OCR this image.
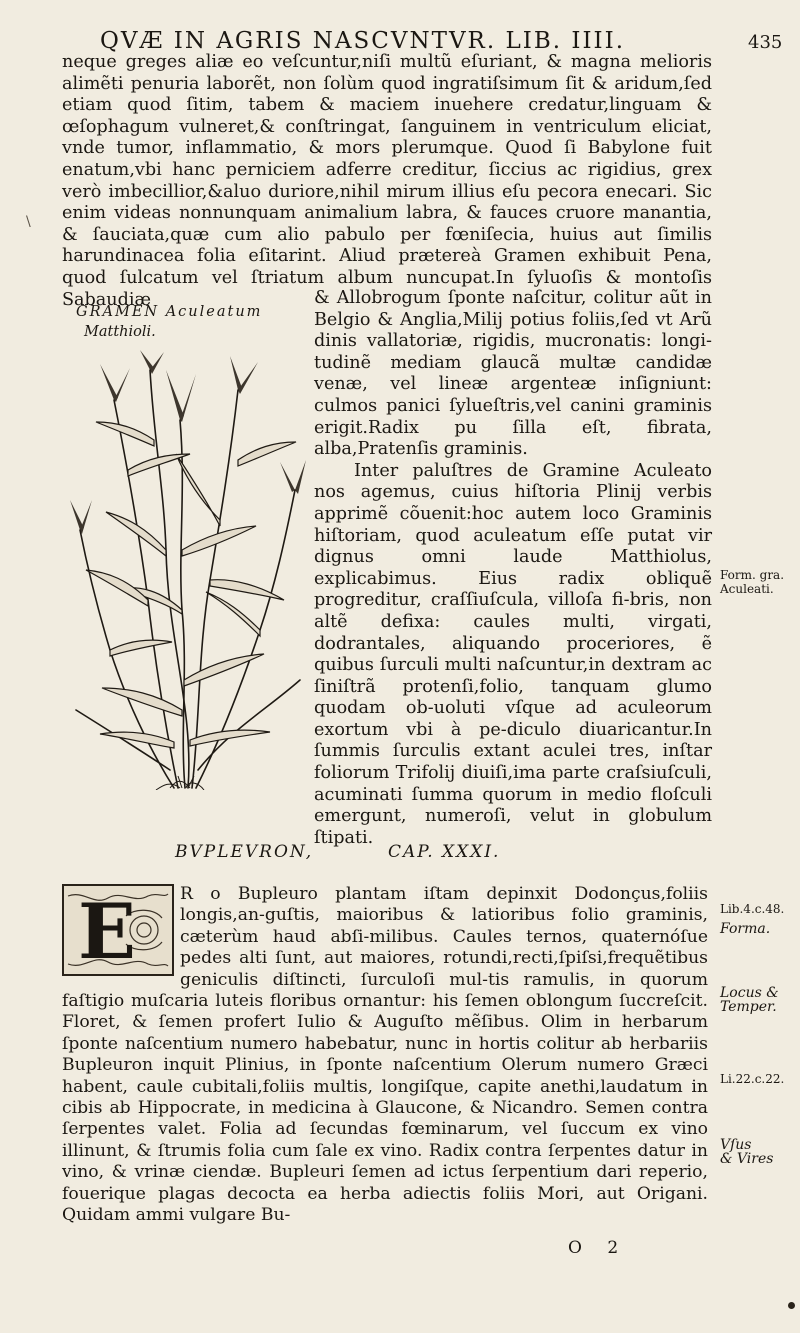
QVÆ IN AGRIS NASCVNTVR. LIB. IIII.	435
\

neque greges aliæ eo veſcuntur,niſi multũ eſuriant, & magna melioris alimẽti penuria laborẽt, non ſolùm quod ingratiſsimum ſit & aridum,ſed etiam quod ſitim, tabem & maciem inuehere credatur,linguam & œſophagum vulneret,& conſtringat, ſanguinem in ventriculum eliciat, vnde tumor, inflammatio, & mors plerumque. Quod ſi Babylone fuit enatum,vbi hanc perniciem adferre creditur, ſiccius ac rigidius, grex verò imbecillior,&aluo duriore,nihil mirum illius eſu pecora enecari. Sic enim videas nonnunquam animalium labra, & fauces cruore manantia, & ſauciata,quæ cum alio pabulo per fœniſecia, huius aut ſimilis harundinacea folia eſitarint. Aliud prætereà Gramen exhibuit Pena, quod ſulcatum vel ſtriatum album nuncupat.In ſyluoſis & montoſis Sabaudiæ

GRAMEN Aculeatum
Matthioli.

& Allobrogum ſponte naſcitur, colitur aũt in Belgio & Anglia,Milij potius foliis,ſed vt Arũ dinis vallatoriæ, rigidis, mucronatis: longi-tudinẽ mediam glaucã multæ candidæ venæ, vel lineæ argenteæ inſigniunt: culmos panici ſylueſtris,vel canini graminis erigit.Radix pu ſilla eſt, fibrata, alba,Pratenſis graminis.

Inter paluſtres de Gramine Aculeato nos agemus, cuius hiſtoria Plinij verbis apprimẽ cõuenit:hoc autem loco Graminis hiſtoriam, quod aculeatum eſſe putat vir dignus omni laude Matthiolus, explicabimus. Eius radix obliquẽ progreditur, craſſiuſcula, villoſa fi-bris, non altẽ defixa: caules multi, virgati, dodrantales, aliquando proceriores, ẽ quibus ſurculi multi naſcuntur,in dextram ac ſiniſtrã protenſi,folio, tanquam glumo quodam ob-uoluti vſque ad aculeorum exortum vbi à pe-diculo diuaricantur.In ſummis ſurculis extant aculei tres, inſtar foliorum Trifolij diuiſi,ima parte craſsiuſculi, acuminati ſumma quorum in medio floſculi emergunt, numeroſi, velut in globulum ſtipati.

Form. gra.
Aculeati.
BVPLEVRON,	CAP. XXXI.

R o Bupleuro plantam iſtam depinxit Dodonçus,foliis longis,an-guſtis, maioribus & latioribus folio graminis, cæterùm haud abſi-milibus. Caules ternos, quaternóſue pedes alti ſunt, aut maiores, rotundi,recti,ſpiſsi,frequẽtibus geniculis diſtincti, ſurculoſi mul-tis ramulis, in quorum faſtigio muſcaria luteis floribus ornantur: his ſemen oblongum ſuccreſcit. Floret, & ſemen profert Iulio & Auguſto mẽſibus. Olim in herbarum ſponte naſcentium numero habebatur, nunc in hortis colitur ab herbariis Bupleuron inquit Plinius, in ſponte naſcentium Olerum numero Græci habent, caule cubitali,foliis multis, longiſque, capite anethi,laudatum in cibis ab Hippocrate, in medicina à Glaucone, & Nicandro. Semen contra ſerpentes valet. Folia ad ſecundas fœminarum, vel ſuccum ex vino illinunt, & ſtrumis folia cum ſale ex vino. Radix contra ſerpentes datur in vino, & vrinæ ciendæ. Bupleuri ſemen ad ictus ſerpentium dari reperio, fouerique plagas decocta ea herba adiectis foliis Mori, aut Origani. Quidam ammi vulgare Bu-

E	Lib.4.c.48.
Forma.
Locus &
Temper.
Li.22.c.22.
Vſus
& Vires
O 2
